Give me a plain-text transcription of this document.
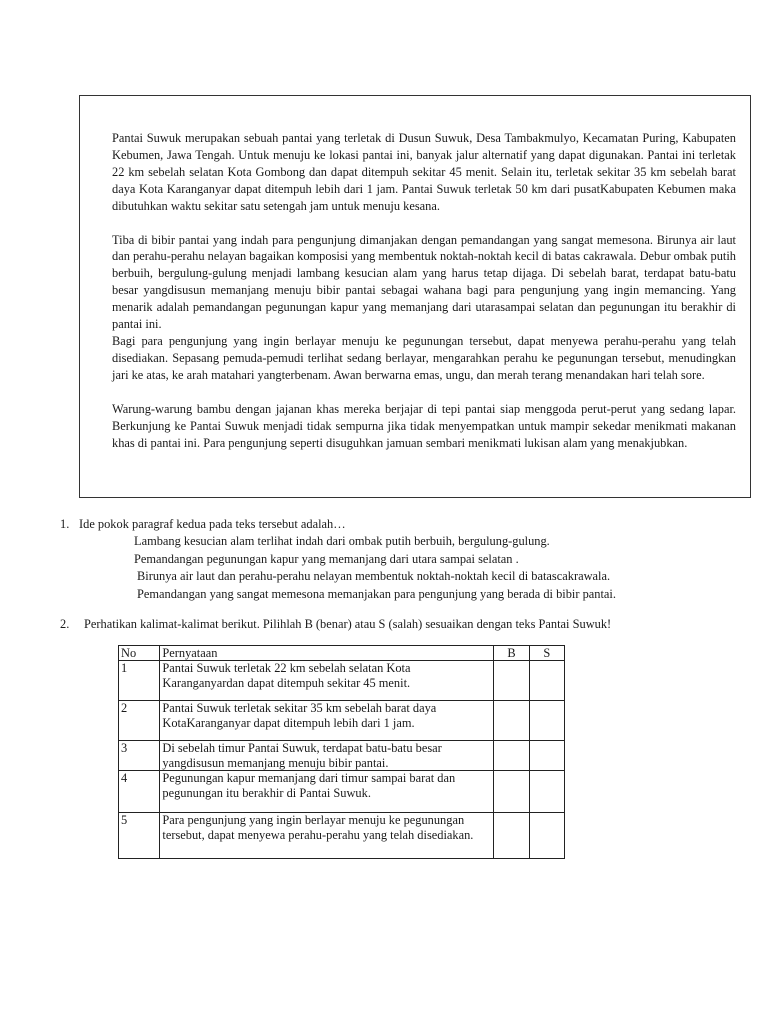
Pantai Suwuk merupakan sebuah pantai yang terletak di Dusun Suwuk, Desa Tambakmulyo, Kecamatan Puring, Kabupaten Kebumen, Jawa Tengah. Untuk menuju ke lokasi pantai ini, banyak jalur alternatif yang dapat digunakan. Pantai ini terletak 22 km sebelah selatan Kota Gombong dan dapat ditempuh sekitar 45 menit. Selain itu, terletak sekitar 35 km sebelah barat daya Kota Karanganyar dapat ditempuh lebih dari 1 jam. Pantai Suwuk terletak 50 km dari pusatKabupaten Kebumen maka dibutuhkan waktu sekitar satu setengah jam untuk menuju kesana.

Tiba di bibir pantai yang indah para pengunjung dimanjakan dengan pemandangan yang sangat memesona. Birunya air laut dan perahu-perahu nelayan bagaikan komposisi yang membentuk noktah-noktah kecil di batas cakrawala. Debur ombak putih berbuih, bergulung-gulung menjadi lambang kesucian alam yang harus tetap dijaga. Di sebelah barat, terdapat batu-batu besar yangdisusun memanjang menuju bibir pantai sebagai wahana bagi para pengunjung yang ingin memancing. Yang menarik adalah pemandangan pegunungan kapur yang memanjang dari utarasampai selatan dan pegunungan itu berakhir di pantai ini.

Bagi para pengunjung yang ingin berlayar menuju ke pegunungan tersebut, dapat menyewa perahu-perahu yang telah disediakan. Sepasang pemuda-pemudi terlihat sedang berlayar, mengarahkan perahu ke pegunungan tersebut, menudingkan jari ke atas, ke arah matahari yangterbenam. Awan berwarna emas, ungu, dan merah terang menandakan hari telah sore.

Warung-warung bambu dengan jajanan khas mereka berjajar di tepi pantai siap menggoda perut-perut yang sedang lapar. Berkunjung ke Pantai Suwuk menjadi tidak sempurna jika tidak menyempatkan untuk mampir sekedar menikmati makanan khas di pantai ini. Para pengunjung seperti disuguhkan jamuan sembari menikmati lukisan alam yang menakjubkan.

1. Ide pokok paragraf kedua pada teks tersebut adalah…
Lambang kesucian alam terlihat indah dari ombak putih berbuih, bergulung-gulung.
Pemandangan pegunungan kapur yang memanjang dari utara sampai selatan .
Birunya air laut dan perahu-perahu nelayan membentuk noktah-noktah kecil di batascakrawala.
Pemandangan yang sangat memesona memanjakan para pengunjung yang berada di bibir pantai.
2. Perhatikan kalimat-kalimat berikut. Pilihlah B (benar) atau S (salah) sesuaikan dengan teks Pantai Suwuk!
No	Pernyataan	B	S
1	Pantai Suwuk terletak 22 km sebelah selatan Kota Karanganyardan dapat ditempuh sekitar 45 menit.		
2	Pantai Suwuk terletak sekitar 35 km sebelah barat daya KotaKaranganyar dapat ditempuh lebih dari 1 jam.		
3	Di sebelah timur Pantai Suwuk, terdapat batu-batu besar yangdisusun memanjang menuju bibir pantai.		
4	Pegunungan kapur memanjang dari timur sampai barat dan pegunungan itu berakhir di Pantai Suwuk.		
5	Para pengunjung yang ingin berlayar menuju ke pegunungan tersebut, dapat menyewa perahu-perahu yang telah disediakan.		
